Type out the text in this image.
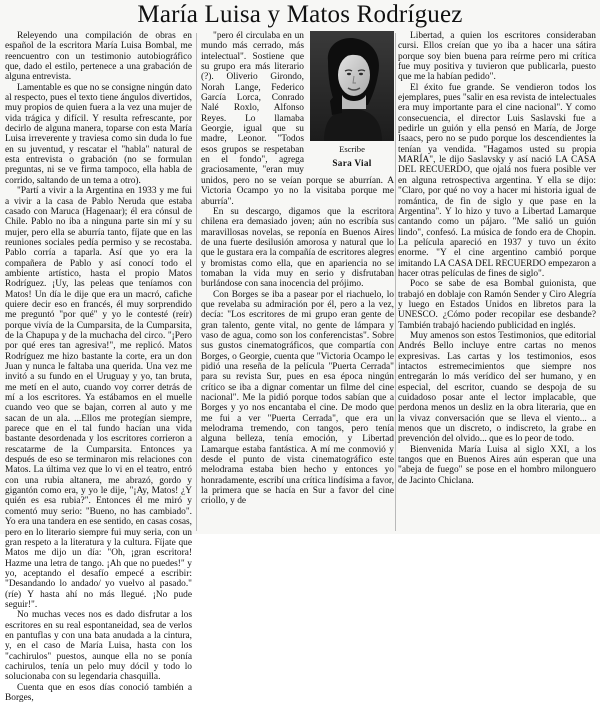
María Luisa y Matos Rodríguez

Releyendo una compilación de obras en español de la escritora María Luisa Bombal, me reencuentro con un testimonio autobiográfico que, dado el estilo, pertenece a una grabación de alguna entrevista.

Lamentable es que no se consigne ningún dato al respecto, pues el texto tiene ángulos divertidos, muy propios de quien fuera a la vez una mujer de vida trágica y difícil. Y resulta refrescante, por decirlo de alguna manera, toparse con esta María Luisa irreverente y traviesa como sin duda lo fue en su juventud, y rescatar el "habla" natural de esta entrevista o grabación (no se formulan preguntas, ni se ve firma tampoco, ella habla de corrido, saltando de un tema a otro).

"Partí a vivir a la Argentina en 1933 y me fui a vivir a la casa de Pablo Neruda que estaba casado con Maruca (Hagenaar); él era cónsul de Chile. Pablo no iba a ninguna parte sin mí y su mujer, pero ella se aburría tanto, fíjate que en las reuniones sociales pedía permiso y se recostaba. Pablo corría a taparla. Así que yo era la compañera de Pablo y así conocí todo el ambiente artístico, hasta el propio Matos Rodríguez. ¡Uy, las peleas que teníamos con Matos! Un día le dije que era un macró, cafiche quiere decir eso en francés, él muy sorprendido me preguntó "por qué" y yo le contesté (reír) porque vivía de la Cumparsita, de la Cumparsita, de la Chapupa y de la muchacha del circo. "¡Pero por qué eres tan agresiva!", me replicó. Matos Rodríguez me hizo bastante la corte, era un don Juan y nunca le faltaba una querida. Una vez me invitó a su fundo en el Uruguay y yo, tan bruta, me metí en el auto, cuando voy correr detrás de mí a los escritores. Ya estábamos en el muelle cuando veo que se bajan, corren al auto y me sacan de un ala. ...Ellos me protegían siempre, parece que en el tal fundo hacían una vida bastante desordenada y los escritores corrieron a rescatarme de la Cumparsita. Entonces ya después de eso se terminaron mis relaciones con Matos. La última vez que lo vi en el teatro, entró con una rubia altanera, me abrazó, gordo y gigantón como era, y yo le dije, "¡Ay, Matos! ¿Y quién es esa rubia?". Entonces él me miró y comentó muy serio: "Bueno, no has cambiado". Yo era una tandera en ese sentido, en casas cosas, pero en lo literario siempre fui muy seria, con un gran respeto a la literatura y la cultura. Fíjate que Matos me dijo un día: "Oh, ¡gran escritora! Hazme una letra de tango. ¡Ah que no puedes!" y yo, aceptando el desafío empecé a escribir: "Desandando lo andado/ yo vuelvo al pasado." (ríe) Y hasta ahí no más llegué. ¡No pude seguir!".

No muchas veces nos es dado disfrutar a los escritores en su real espontaneidad, sea de verlos en pantuflas y con una bata anudada a la cintura, y, en el caso de María Luisa, hasta con los "cachirulos" puestos, aunque ella no se ponía cachirulos, tenía un pelo muy dócil y todo lo solucionaba con su legendaria chasquilla.

Cuenta que en esos días conoció también a Borges,

Escribe
Sara Vial

"pero él circulaba en un mundo más cerrado, más intelectual". Sostiene que su grupo era más literario (?). Oliverio Girondo, Norah Lange, Federico García Lorca, Conrado Nalé Roxlo, Alfonso Reyes. Lo llamaba Georgie, igual que su madre, Leonor. "Todos esos grupos se respetaban en el fondo", agrega graciosamente, "eran muy unidos, pero no se veían porque se aburrían. A Victoria Ocampo yo no la visitaba porque me aburría".

En su descargo, digamos que la escritora chilena era demasiado joven; aún no escribía sus maravillosas novelas, se reponía en Buenos Aires de una fuerte desilusión amorosa y natural que lo que le gustara era la compañía de escritores alegres y bromistas como ella, que en apariencia no se tomaban la vida muy en serio y disfrutaban burlándose con sana inocencia del prójimo.

Con Borges se iba a pasear por el riachuelo, lo que revelaba su admiración por él, pero a la vez, decía: "Los escritores de mi grupo eran gente de gran talento, gente vital, no gente de lámpara y vaso de agua, como son los conferencistas". Sobre sus gustos cinematográficos, que compartía con Borges, o Georgie, cuenta que "Victoria Ocampo le pidió una reseña de la película "Puerta Cerrada" para su revista Sur, pues en esa época ningún crítico se iba a dignar comentar un filme del cine nacional". Me la pidió porque todos sabían que a Borges y yo nos encantaba el cine. De modo que me fui a ver "Puerta Cerrada", que era un melodrama tremendo, con tangos, pero tenía alguna belleza, tenía emoción, y Libertad Lamarque estaba fantástica. A mí me conmovió y desde el punto de vista cinematográfico este melodrama estaba bien hecho y entonces yo honradamente, escribí una crítica lindísima a favor, la primera que se hacía en Sur a favor del cine criollo, y de

Libertad, a quien los escritores consideraban cursi. Ellos creían que yo iba a hacer una sátira porque soy bien buena para reírme pero mi crítica fue muy positiva y tuvieron que publicarla, puesto que me la habían pedido".

El éxito fue grande. Se vendieron todos los ejemplares, pues "salir en esa revista de intelectuales era muy importante para el cine nacional". Y como consecuencia, el director Luis Saslavski fue a pedirle un guión y ella pensó en María, de Jorge Isaacs, pero no se pudo porque los descendientes la tenían ya vendida. "Hagamos usted su propia MARÍA", le dijo Saslavsky y así nació LA CASA DEL RECUERDO, que ojalá nos fuera posible ver en alguna retrospectiva argentina. Y ella se dijo: "Claro, por qué no voy a hacer mi historia igual de romántica, de fin de siglo y que pase en la Argentina". Y lo hizo y tuvo a Libertad Lamarque cantando como un pájaro. "Me salió un guión lindo", confesó. La música de fondo era de Chopin. La película apareció en 1937 y tuvo un éxito enorme. "Y el cine argentino cambió porque imitando LA CASA DEL RECUERDO empezaron a hacer otras películas de fines de siglo".

Poco se sabe de esa Bombal guionista, que trabajó en doblaje con Ramón Sender y Ciro Alegría y luego en Estados Unidos en libretos para la UNESCO. ¿Cómo poder recopilar ese desbande? También trabajó haciendo publicidad en inglés.

Muy amenos son estos Testimonios, que editorial Andrés Bello incluye entre cartas no menos expresivas. Las cartas y los testimonios, esos intactos estremecimientos que siempre nos entregarán lo más verídico del ser humano, y en especial, del escritor, cuando se despoja de su cuidadoso posar ante el lector implacable, que perdona menos un desliz en la obra literaria, que en la vivaz conversación que se lleva el viento... a menos que un discreto, o indiscreto, la grabe en prevención del olvido... que es lo peor de todo.

Bienvenida María Luisa al siglo XXI, a los tangos que en Buenos Aires aún esperan que una "abeja de fuego" se pose en el hombro milonguero de Jacinto Chiclana.
